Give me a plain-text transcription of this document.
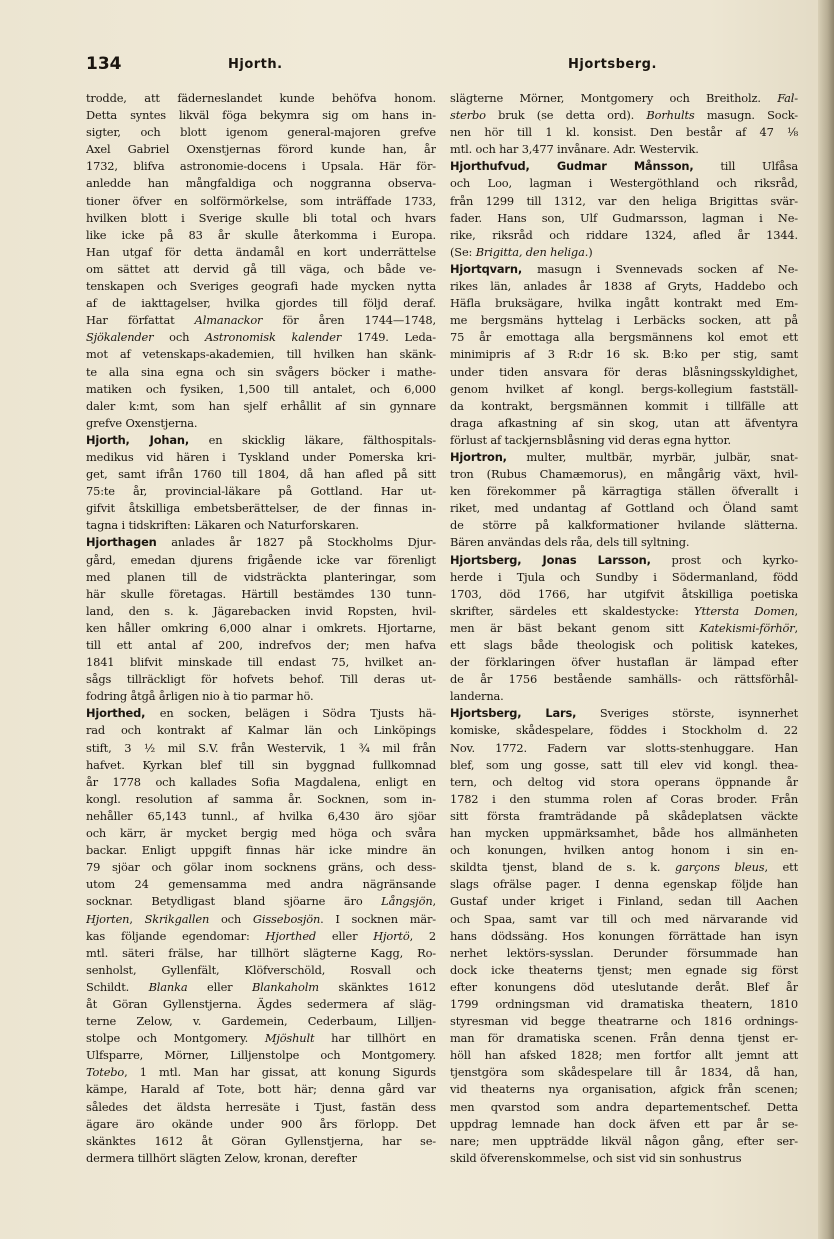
134	Hjorth.	Hjortsberg.
trodde, att fäderneslandet kunde behöfva honom.
Detta syntes likväl föga bekymra sig om hans in-
sigter, och blott igenom general-majoren grefve
Axel Gabriel Oxenstjernas förord kunde han, år
1732, blifva astronomie-docens i Upsala. Här för-
anledde han mångfaldiga och noggranna observa-
tioner öfver en solförmörkelse, som inträffade 1733,
hvilken blott i Sverige skulle bli total och hvars
like icke på 83 år skulle återkomma i Europa.
Han utgaf för detta ändamål en kort underrättelse
om sättet att dervid gå till väga, och både ve-
tenskapen och Sveriges geografi hade mycken nytta
af de iakttagelser, hvilka gjordes till följd deraf.
Har författat Almanackor för åren 1744—1748,
Sjökalender och Astronomisk kalender 1749. Leda-
mot af vetenskaps-akademien, till hvilken han skänk-
te alla sina egna och sin svågers böcker i mathe-
matiken och fysiken, 1,500 till antalet, och 6,000
daler k:mt, som han sjelf erhållit af sin gynnare
grefve Oxenstjerna.
Hjorth, Johan, en skicklig läkare, fälthospitals-
medikus vid hären i Tyskland under Pomerska kri-
get, samt ifrån 1760 till 1804, då han afled på sitt
75:te år, provincial-läkare på Gottland. Har ut-
gifvit åtskilliga embetsberättelser, de der finnas in-
tagna i tidskriften: Läkaren och Naturforskaren.
Hjorthagen anlades år 1827 på Stockholms Djur-
gård, emedan djurens frigående icke var förenligt
med planen till de vidsträckta planteringar, som
här skulle företagas. Härtill bestämdes 130 tunn-
land, den s. k. Jägarebacken invid Ropsten, hvil-
ken håller omkring 6,000 alnar i omkrets. Hjortarne,
till ett antal af 200, indrefvos der; men hafva
1841 blifvit minskade till endast 75, hvilket an-
sågs tillräckligt för hofvets behof. Till deras ut-
fodring åtgå årligen nio à tio parmar hö.
Hjorthed, en socken, belägen i Södra Tjusts hä-
rad och kontrakt af Kalmar län och Linköpings
stift, 3 ½ mil S.V. från Westervik, 1 ¾ mil från
hafvet. Kyrkan blef till sin byggnad fullkomnad
år 1778 och kallades Sofia Magdalena, enligt en
kongl. resolution af samma år. Socknen, som in-
nehåller 65,143 tunnl., af hvilka 6,430 äro sjöar
och kärr, är mycket bergig med höga och svåra
backar. Enligt uppgift finnas här icke mindre än
79 sjöar och gölar inom socknens gräns, och dess-
utom 24 gemensamma med andra nägränsande
socknar. Betydligast bland sjöarne äro Långsjön,
Hjorten, Skrikgallen och Gissebosjön. I socknen mär-
kas följande egendomar: Hjorthed eller Hjortö, 2
mtl. säteri frälse, har tillhört slägterne Kagg, Ro-
senholst, Gyllenfält, Klöfverschöld, Rosvall och
Schildt. Blanka eller Blankaholm skänktes 1612
åt Göran Gyllenstjerna. Ägdes sedermera af släg-
terne Zelow, v. Gardemein, Cederbaum, Lilljen-
stolpe och Montgomery. Mjöshult har tillhört en
Ulfsparre, Mörner, Lilljenstolpe och Montgomery.
Totebo, 1 mtl. Man har gissat, att konung Sigurds
kämpe, Harald af Tote, bott här; denna gård var
således det äldsta herresäte i Tjust, fastän dess
ägare äro okände under 900 års förlopp. Det
skänktes 1612 åt Göran Gyllenstjerna, har se-
dermera tillhört slägten Zelow, kronan, derefter
slägterne Mörner, Montgomery och Breitholz. Fal-
sterbo bruk (se detta ord). Borhults masugn. Sock-
nen hör till 1 kl. konsist. Den består af 47 ⅛
mtl. och har 3,477 invånare. Adr. Westervik.
Hjorthufvud, Gudmar Månsson, till Ulfåsa
och Loo, lagman i Westergöthland och riksråd,
från 1299 till 1312, var den heliga Brigittas svär-
fader. Hans son, Ulf Gudmarsson, lagman i Ne-
rike, riksråd och riddare 1324, afled år 1344.
(Se: Brigitta, den heliga.)
Hjortqvarn, masugn i Svennevads socken af Ne-
rikes län, anlades år 1838 af Gryts, Haddebo och
Häfla bruksägare, hvilka ingått kontrakt med Em-
me bergsmäns hyttelag i Lerbäcks socken, att på
75 år emottaga alla bergsmännens kol emot ett
minimipris af 3 R:dr 16 sk. B:ko per stig, samt
under tiden ansvara för deras blåsningsskyldighet,
genom hvilket af kongl. bergs-kollegium fastställ-
da kontrakt, bergsmännen kommit i tillfälle att
draga afkastning af sin skog, utan att äfventyra
förlust af tackjernsblåsning vid deras egna hyttor.
Hjortron, multer, multbär, myrbär, julbär, snat-
tron (Rubus Chamæmorus), en mångårig växt, hvil-
ken förekommer på kärragtiga ställen öfverallt i
riket, med undantag af Gottland och Öland samt
de större på kalkformationer hvilande slätterna.
Bären användas dels råa, dels till syltning.
Hjortsberg, Jonas Larsson, prost och kyrko-
herde i Tjula och Sundby i Södermanland, född
1703, död 1766, har utgifvit åtskilliga poetiska
skrifter, särdeles ett skaldestycke: Yttersta Domen,
men är bäst bekant genom sitt Katekismi-förhör,
ett slags både theologisk och politisk katekes,
der förklaringen öfver hustaflan är lämpad efter
de år 1756 bestående samhälls- och rättsförhål-
landerna.
Hjortsberg, Lars, Sveriges störste, isynnerhet
komiske, skådespelare, föddes i Stockholm d. 22
Nov. 1772. Fadern var slotts-stenhuggare. Han
blef, som ung gosse, satt till elev vid kongl. thea-
tern, och deltog vid stora operans öppnande år
1782 i den stumma rolen af Coras broder. Från
sitt första framträdande på skådeplatsen väckte
han mycken uppmärksamhet, både hos allmänheten
och konungen, hvilken antog honom i sin en-
skildta tjenst, bland de s. k. garçons bleus, ett
slags ofrälse pager. I denna egenskap följde han
Gustaf under kriget i Finland, sedan till Aachen
och Spaa, samt var till och med närvarande vid
hans dödssäng. Hos konungen förrättade han isyn
nerhet lektörs-sysslan. Derunder försummade han
dock icke theaterns tjenst; men egnade sig först
efter konungens död uteslutande deråt. Blef år
1799 ordningsman vid dramatiska theatern, 1810
styresman vid begge theatrarne och 1816 ordnings-
man för dramatiska scenen. Från denna tjenst er-
höll han afsked 1828; men fortfor allt jemnt att
tjenstgöra som skådespelare till år 1834, då han,
vid theaterns nya organisation, afgick från scenen;
men qvarstod som andra departementschef. Detta
uppdrag lemnade han dock äfven ett par år se-
nare; men uppträdde likväl någon gång, efter ser-
skild öfverenskommelse, och sist vid sin sonhustrus
